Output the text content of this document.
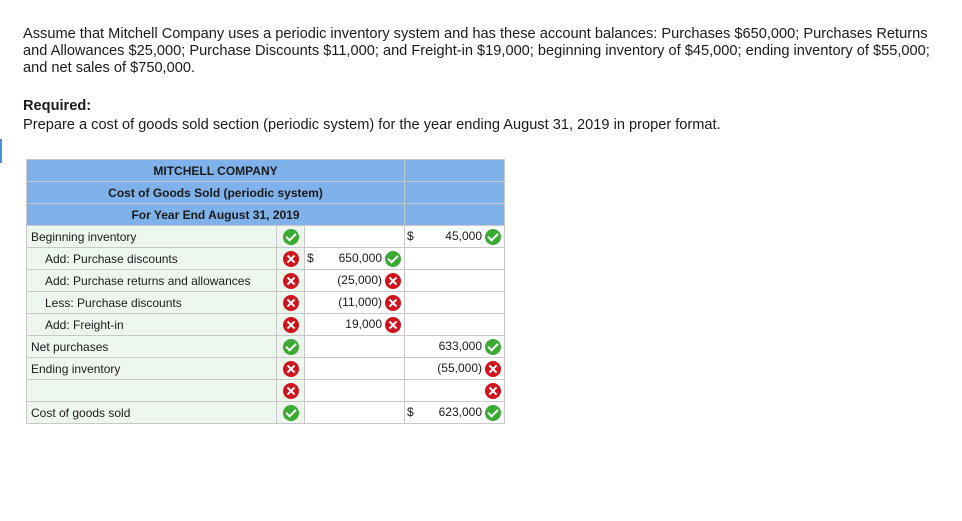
Assume that Mitchell Company uses a periodic inventory system and has these account balances: Purchases $650,000; Purchases Returns and Allowances $25,000; Purchase Discounts $11,000; and Freight-in $19,000; beginning inventory of $45,000; ending inventory of $55,000; and net sales of $750,000.

Required:
Prepare a cost of goods sold section (periodic system) for the year ending August 31, 2019 in proper format.
MITCHELL COMPANY			
Cost of Goods Sold (periodic system)			
For Year End August 31, 2019			
Beginning inventory			$ 45,000
Add: Purchase discounts		$ 650,000	
Add: Purchase returns and allowances		(25,000)	
Less: Purchase discounts		(11,000)	
Add: Freight-in		19,000	
Net purchases			633,000
Ending inventory			(55,000)

Cost of goods sold			$ 623,000
